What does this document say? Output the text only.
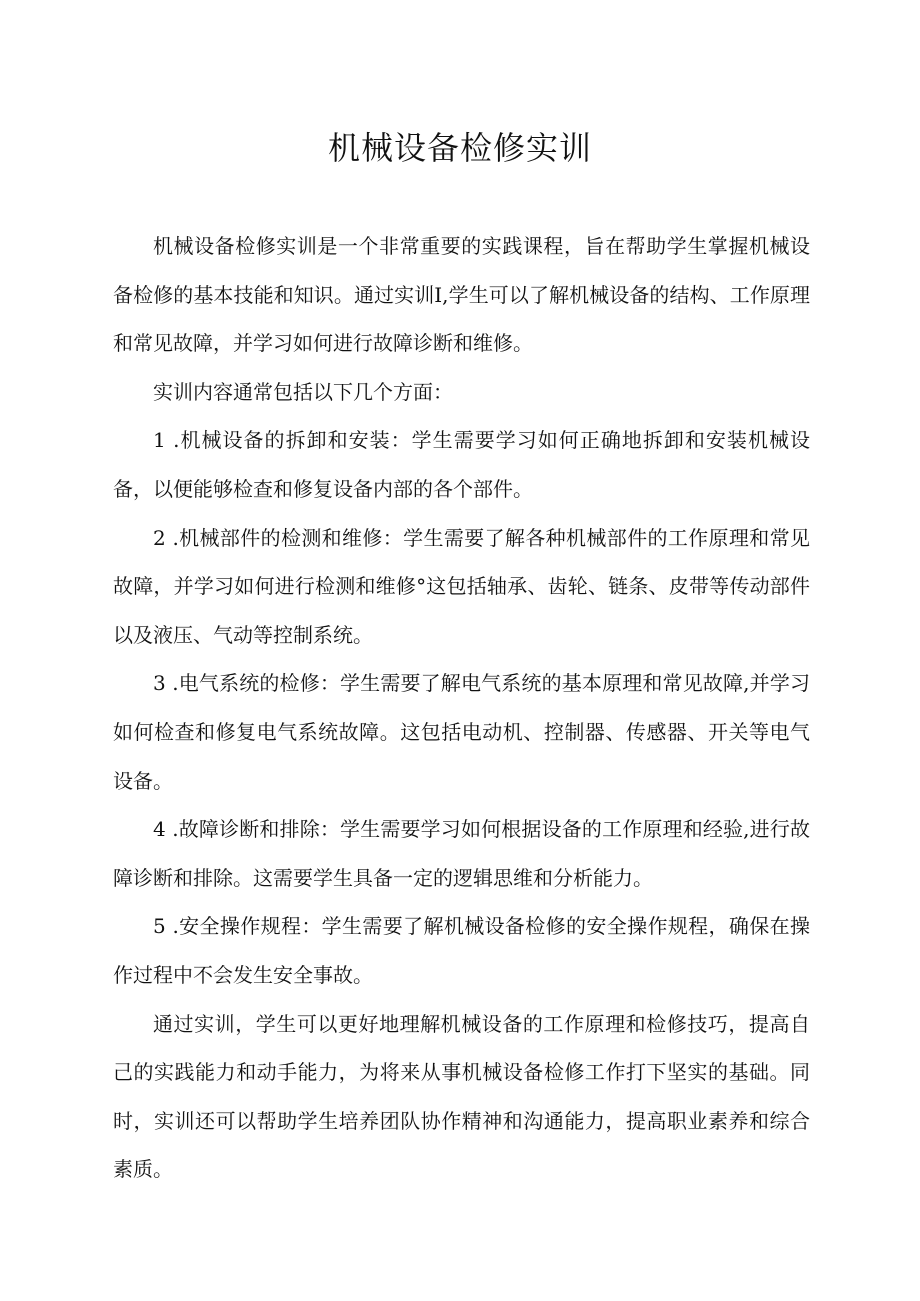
机械设备检修实训

机械设备检修实训是一个非常重要的实践课程，旨在帮助学生掌握机械设备检修的基本技能和知识。通过实训I,学生可以了解机械设备的结构、工作原理和常见故障，并学习如何进行故障诊断和维修。

实训内容通常包括以下几个方面：

1 .机械设备的拆卸和安装：学生需要学习如何正确地拆卸和安装机械设备，以便能够检查和修复设备内部的各个部件。

2 .机械部件的检测和维修：学生需要了解各种机械部件的工作原理和常见故障，并学习如何进行检测和维修°这包括轴承、齿轮、链条、皮带等传动部件以及液压、气动等控制系统。

3 .电气系统的检修：学生需要了解电气系统的基本原理和常见故障,并学习如何检查和修复电气系统故障。这包括电动机、控制器、传感器、开关等电气设备。

4 .故障诊断和排除：学生需要学习如何根据设备的工作原理和经验,进行故障诊断和排除。这需要学生具备一定的逻辑思维和分析能力。

5 .安全操作规程：学生需要了解机械设备检修的安全操作规程，确保在操作过程中不会发生安全事故。

通过实训，学生可以更好地理解机械设备的工作原理和检修技巧，提高自己的实践能力和动手能力，为将来从事机械设备检修工作打下坚实的基础。同时，实训还可以帮助学生培养团队协作精神和沟通能力，提高职业素养和综合素质。
